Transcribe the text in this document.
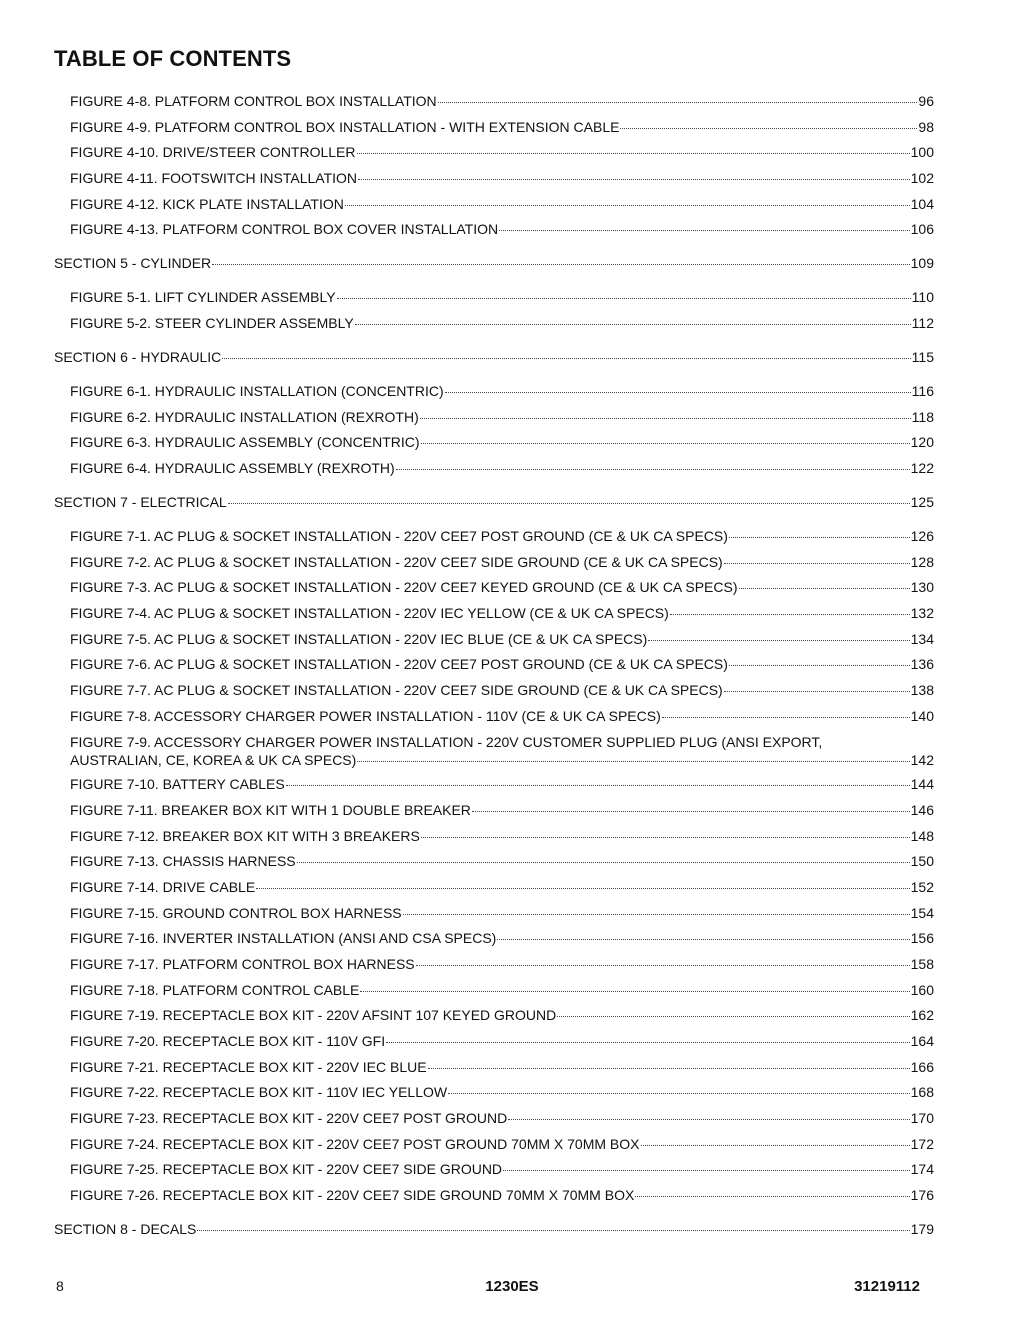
TABLE OF CONTENTS
FIGURE 4-8. PLATFORM CONTROL BOX INSTALLATION	96
FIGURE 4-9. PLATFORM CONTROL BOX INSTALLATION - WITH EXTENSION CABLE	98
FIGURE 4-10. DRIVE/STEER CONTROLLER	100
FIGURE 4-11. FOOTSWITCH INSTALLATION	102
FIGURE 4-12. KICK PLATE INSTALLATION	104
FIGURE 4-13. PLATFORM CONTROL BOX COVER INSTALLATION	106
SECTION 5 - CYLINDER	109
FIGURE 5-1. LIFT CYLINDER ASSEMBLY	110
FIGURE 5-2. STEER CYLINDER ASSEMBLY	112
SECTION 6 - HYDRAULIC	115
FIGURE 6-1. HYDRAULIC INSTALLATION (CONCENTRIC)	116
FIGURE 6-2. HYDRAULIC INSTALLATION (REXROTH)	118
FIGURE 6-3. HYDRAULIC ASSEMBLY (CONCENTRIC)	120
FIGURE 6-4. HYDRAULIC ASSEMBLY (REXROTH)	122
SECTION 7 - ELECTRICAL	125
FIGURE 7-1. AC PLUG & SOCKET INSTALLATION - 220V CEE7 POST GROUND (CE & UK CA SPECS)	126
FIGURE 7-2. AC PLUG & SOCKET INSTALLATION - 220V CEE7 SIDE GROUND (CE & UK CA SPECS)	128
FIGURE 7-3. AC PLUG & SOCKET INSTALLATION - 220V CEE7 KEYED GROUND (CE & UK CA SPECS)	130
FIGURE 7-4. AC PLUG & SOCKET INSTALLATION - 220V IEC YELLOW (CE & UK CA SPECS)	132
FIGURE 7-5. AC PLUG & SOCKET INSTALLATION - 220V IEC BLUE (CE & UK CA SPECS)	134
FIGURE 7-6. AC PLUG & SOCKET INSTALLATION - 220V CEE7 POST GROUND (CE & UK CA SPECS)	136
FIGURE 7-7. AC PLUG & SOCKET INSTALLATION - 220V CEE7 SIDE GROUND (CE & UK CA SPECS)	138
FIGURE 7-8. ACCESSORY CHARGER POWER INSTALLATION - 110V (CE & UK CA SPECS)	140
FIGURE 7-9. ACCESSORY CHARGER POWER INSTALLATION - 220V CUSTOMER SUPPLIED PLUG (ANSI EXPORT,
AUSTRALIAN, CE, KOREA & UK CA SPECS)	142
FIGURE 7-10. BATTERY CABLES	144
FIGURE 7-11. BREAKER BOX KIT WITH 1 DOUBLE BREAKER	146
FIGURE 7-12. BREAKER BOX KIT WITH 3 BREAKERS	148
FIGURE 7-13. CHASSIS HARNESS	150
FIGURE 7-14. DRIVE CABLE	152
FIGURE 7-15. GROUND CONTROL BOX HARNESS	154
FIGURE 7-16. INVERTER INSTALLATION (ANSI AND CSA SPECS)	156
FIGURE 7-17. PLATFORM CONTROL BOX HARNESS	158
FIGURE 7-18. PLATFORM CONTROL CABLE	160
FIGURE 7-19. RECEPTACLE BOX KIT - 220V AFSINT 107 KEYED GROUND	162
FIGURE 7-20. RECEPTACLE BOX KIT - 110V GFI	164
FIGURE 7-21. RECEPTACLE BOX KIT - 220V IEC BLUE	166
FIGURE 7-22. RECEPTACLE BOX KIT - 110V IEC YELLOW	168
FIGURE 7-23. RECEPTACLE BOX KIT - 220V CEE7 POST GROUND	170
FIGURE 7-24. RECEPTACLE BOX KIT - 220V CEE7 POST GROUND 70MM X 70MM BOX	172
FIGURE 7-25. RECEPTACLE BOX KIT - 220V CEE7 SIDE GROUND	174
FIGURE 7-26. RECEPTACLE BOX KIT - 220V CEE7 SIDE GROUND 70MM X 70MM BOX	176
SECTION 8 - DECALS	179
8	1230ES	31219112
